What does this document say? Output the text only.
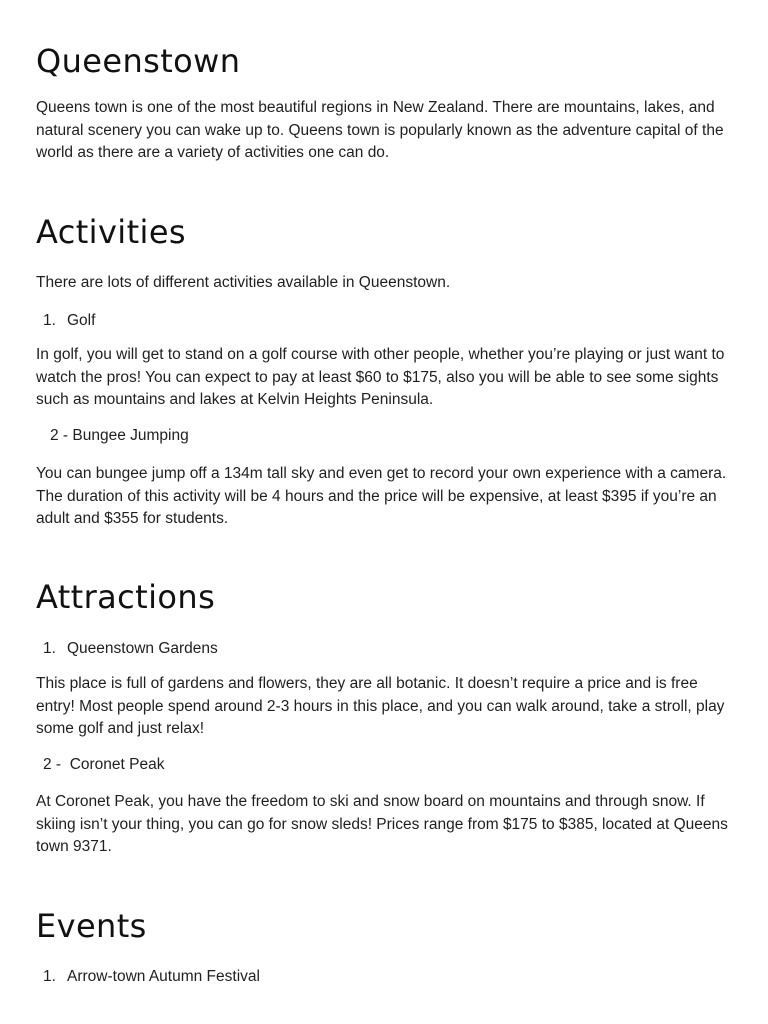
Queenstown

Queens town is one of the most beautiful regions in New Zealand. There are mountains, lakes, and natural scenery you can wake up to. Queens town is popularly known as the adventure capital of the world as there are a variety of activities one can do.

Activities

There are lots of different activities available in Queenstown.

1. Golf

In golf, you will get to stand on a golf course with other people, whether you’re playing or just want to watch the pros! You can expect to pay at least $60 to $175, also you will be able to see some sights such as mountains and lakes at Kelvin Heights Peninsula.

2 - Bungee Jumping

You can bungee jump off a 134m tall sky and even get to record your own experience with a camera. The duration of this activity will be 4 hours and the price will be expensive, at least $395 if you’re an adult and $355 for students.

Attractions
1. Queenstown Gardens

This place is full of gardens and flowers, they are all botanic. It doesn’t require a price and is free entry! Most people spend around 2-3 hours in this place, and you can walk around, take a stroll, play some golf and just relax!

2 -  Coronet Peak

At Coronet Peak, you have the freedom to ski and snow board on mountains and through snow. If skiing isn’t your thing, you can go for snow sleds! Prices range from $175 to $385, located at Queens town 9371.

Events
1. Arrow-town Autumn Festival
